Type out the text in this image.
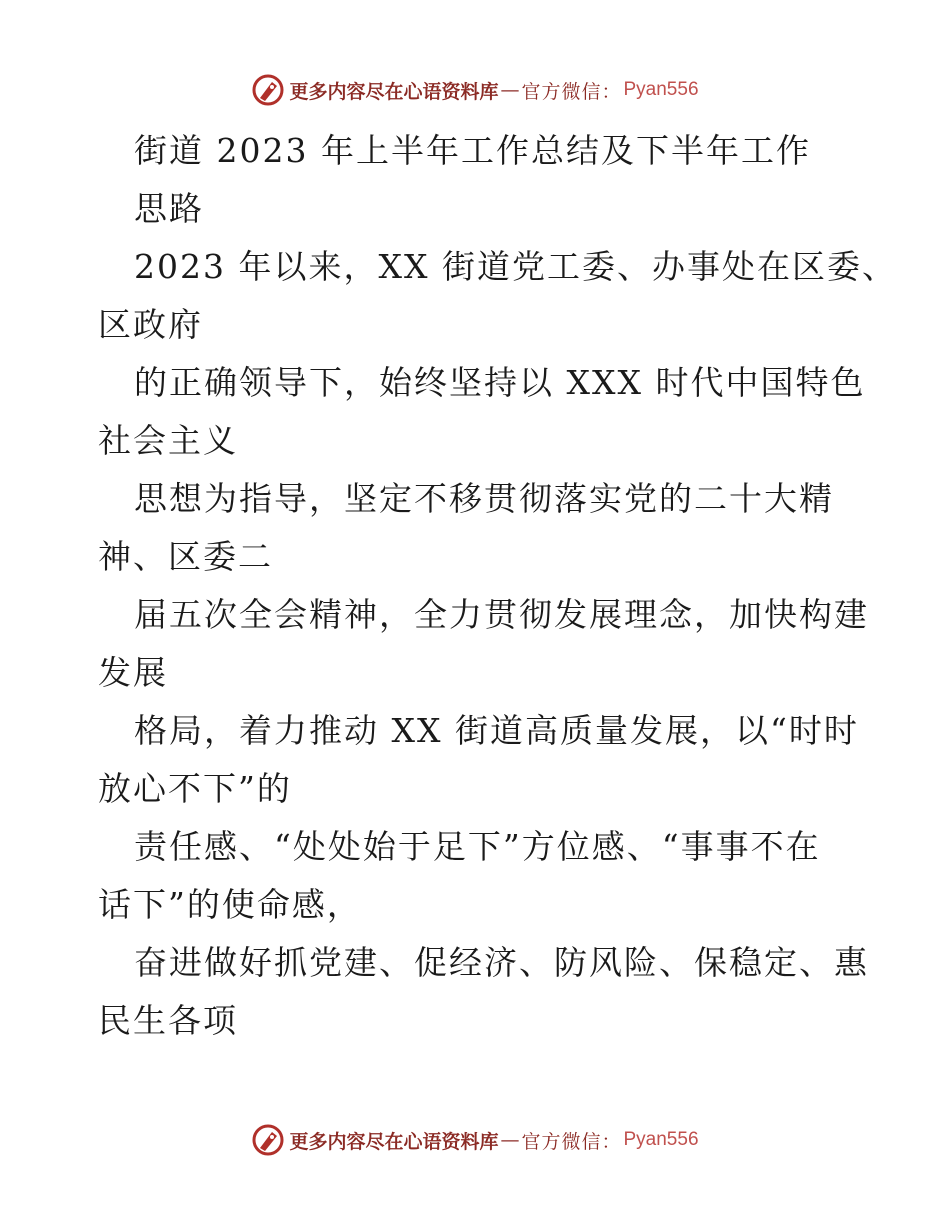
更多内容尽在心语资料库 — 官方微信： Pyan556
街道 2023 年上半年工作总结及下半年工作
思路
2023 年以来，XX 街道党工委、办事处在区委、
区政府
的正确领导下，始终坚持以 XXX 时代中国特色
社会主义
思想为指导，坚定不移贯彻落实党的二十大精
神、区委二
届五次全会精神，全力贯彻发展理念，加快构建
发展
格局，着力推动 XX 街道高质量发展，以“时时
放心不下”的
责任感、“处处始于足下”方位感、“事事不在
话下”的使命感，
奋进做好抓党建、促经济、防风险、保稳定、惠
民生各项
更多内容尽在心语资料库 — 官方微信： Pyan556
